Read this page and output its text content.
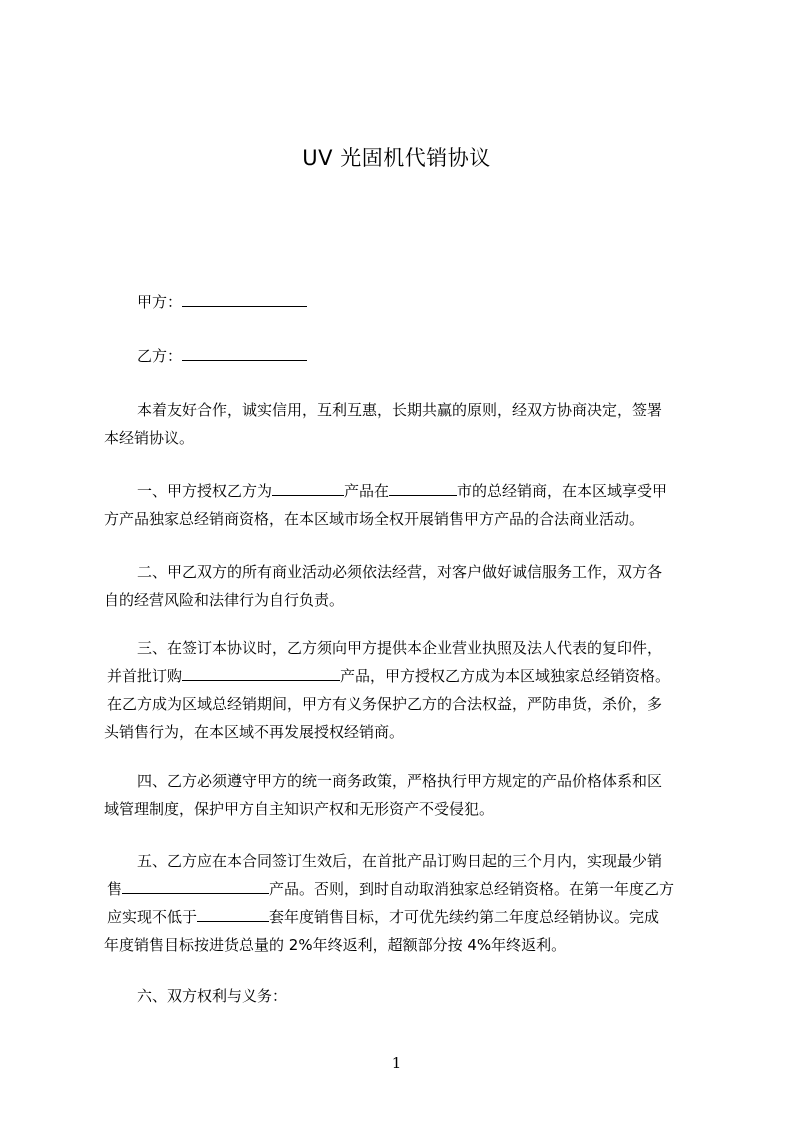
UV 光固机代销协议
甲方：
乙方：
本着友好合作，诚实信用，互利互惠，长期共赢的原则，经双方协商决定，签署
本经销协议。
一、甲方授权乙方为	产品在	市的总经销商，在本区域享受甲
方产品独家总经销商资格，在本区域市场全权开展销售甲方产品的合法商业活动。
二、甲乙双方的所有商业活动必须依法经营，对客户做好诚信服务工作，双方各
自的经营风险和法律行为自行负责。
三、在签订本协议时，乙方须向甲方提供本企业营业执照及法人代表的复印件，
并首批订购	产品，甲方授权乙方成为本区域独家总经销资格。
在乙方成为区域总经销期间，甲方有义务保护乙方的合法权益，严防串货，杀价，多
头销售行为，在本区域不再发展授权经销商。
四、乙方必须遵守甲方的统一商务政策，严格执行甲方规定的产品价格体系和区
域管理制度，保护甲方自主知识产权和无形资产不受侵犯。
五、乙方应在本合同签订生效后，在首批产品订购日起的三个月内，实现最少销
售	产品。否则，到时自动取消独家总经销资格。在第一年度乙方
应实现不低于	套年度销售目标，才可优先续约第二年度总经销协议。完成
年度销售目标按进货总量的 2%年终返利，超额部分按 4%年终返利。
六、双方权利与义务：
1
